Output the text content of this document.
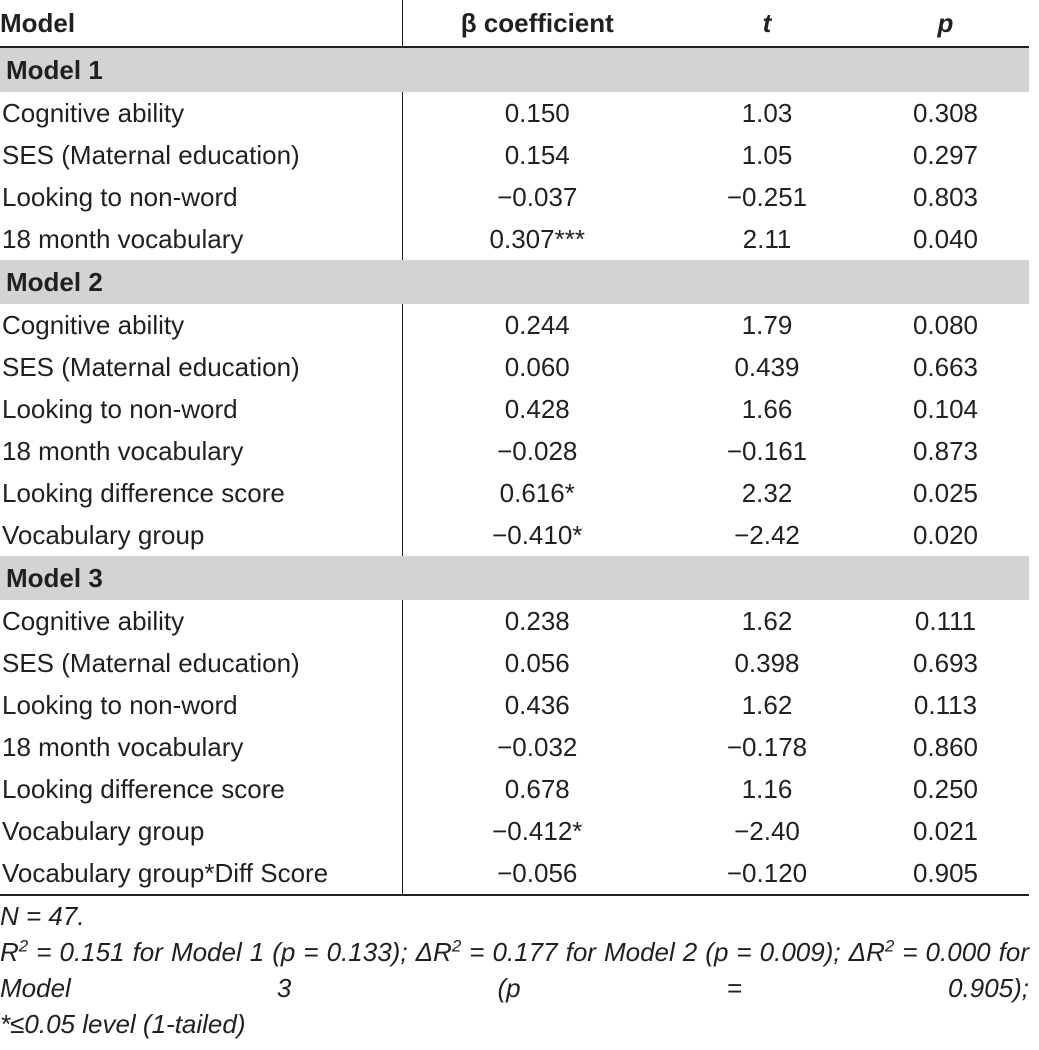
Model	β coefficient	t	p
Model 1			
Cognitive ability	0.150	1.03	0.308
SES (Maternal education)	0.154	1.05	0.297
Looking to non-word	−0.037	−0.251	0.803
18 month vocabulary	0.307***	2.11	0.040
Model 2			
Cognitive ability	0.244	1.79	0.080
SES (Maternal education)	0.060	0.439	0.663
Looking to non-word	0.428	1.66	0.104
18 month vocabulary	−0.028	−0.161	0.873
Looking difference score	0.616*	2.32	0.025
Vocabulary group	−0.410*	−2.42	0.020
Model 3			
Cognitive ability	0.238	1.62	0.111
SES (Maternal education)	0.056	0.398	0.693
Looking to non-word	0.436	1.62	0.113
18 month vocabulary	−0.032	−0.178	0.860
Looking difference score	0.678	1.16	0.250
Vocabulary group	−0.412*	−2.40	0.021
Vocabulary group*Diff Score	−0.056	−0.120	0.905

N = 47.

$R^2 = 0.151$ for Model 1 (p = 0.133); $\Delta R^2 = 0.177$ for Model 2 (p = 0.009); $\Delta R^2 = 0.000$ for Model 3 (p = 0.905);

*≤0.05 level (1-tailed)
